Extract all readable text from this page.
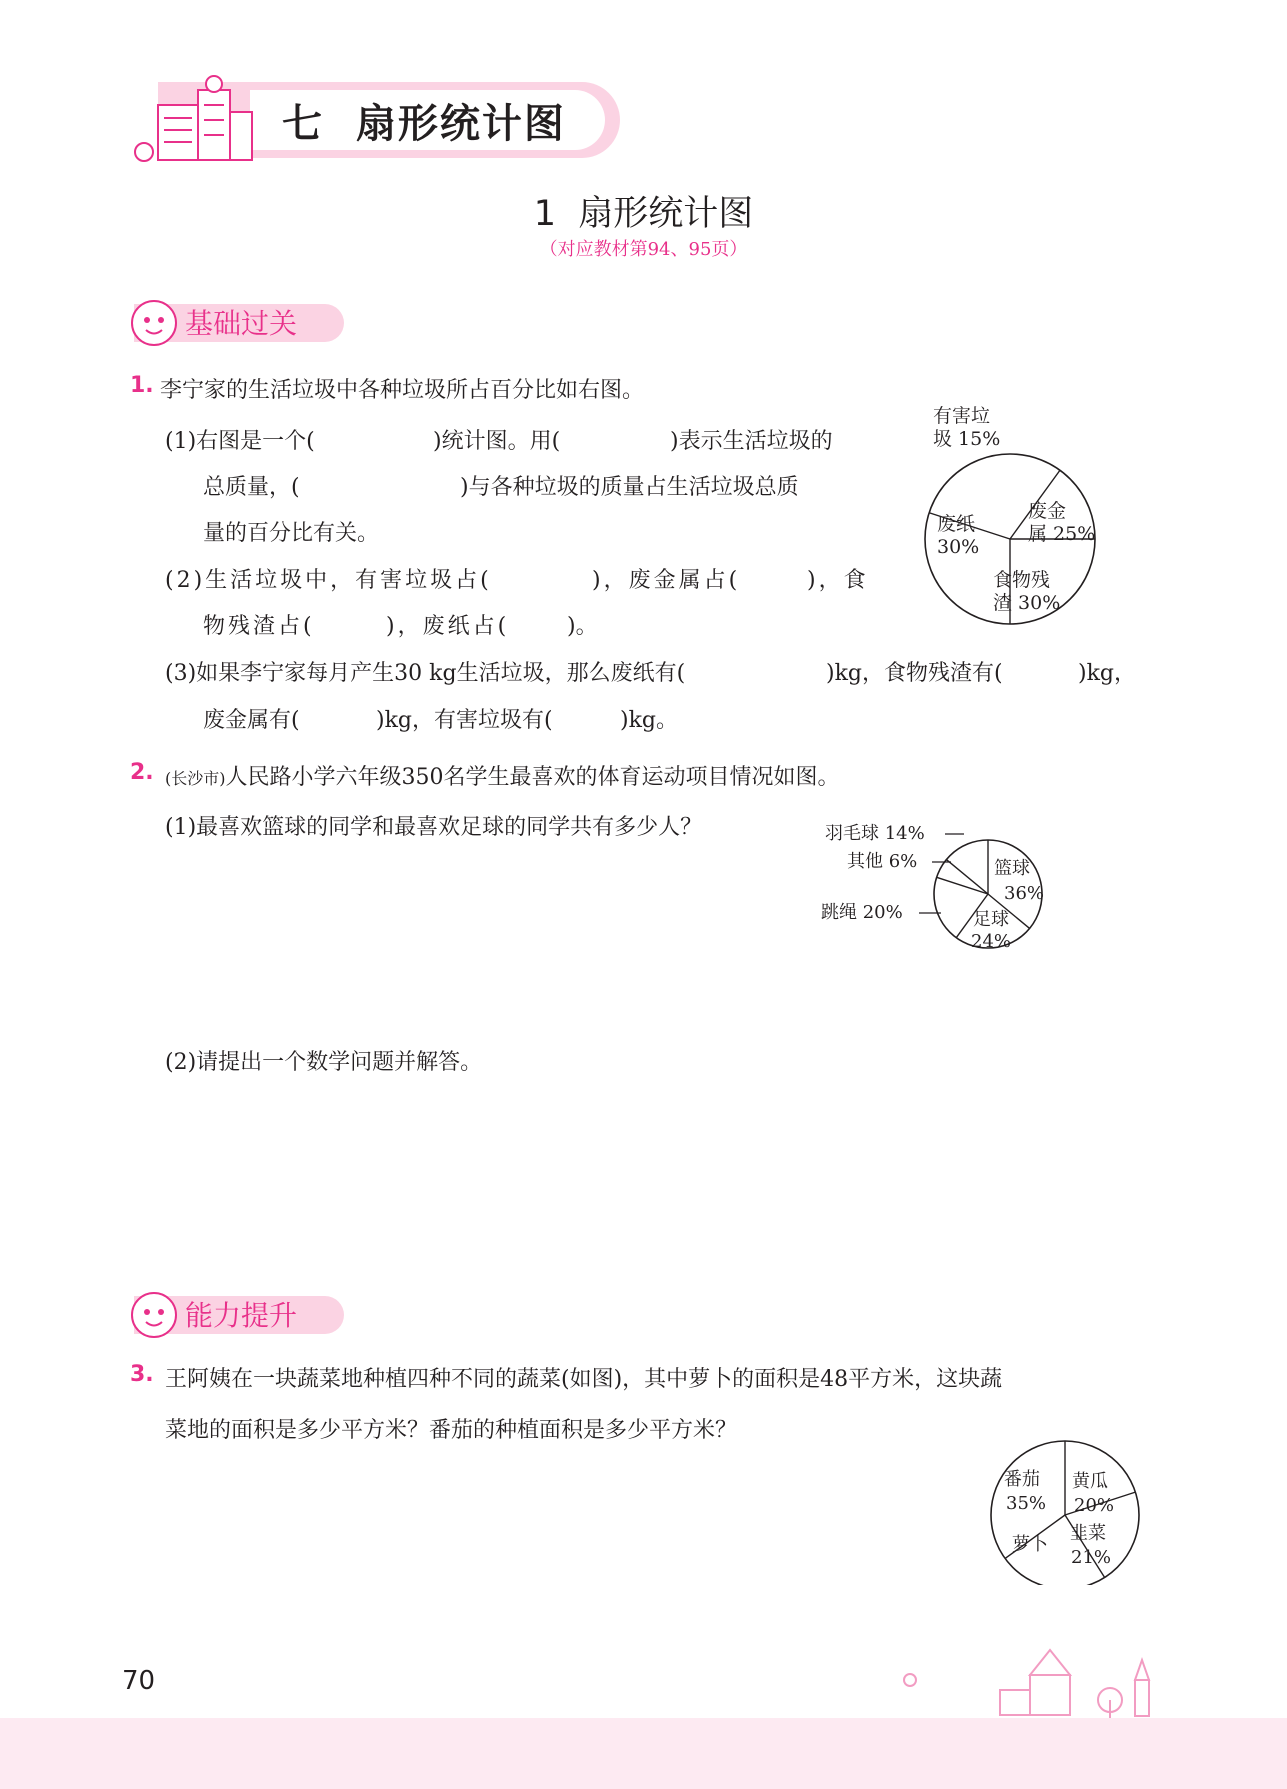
七 扇形统计图
1  扇形统计图
（对应教材第94、95页）
基础过关
1. 李宁家的生活垃圾中各种垃圾所占百分比如右图。
(1)右图是一个(	)统计图。用(	)表示生活垃圾的
总质量，(	)与各种垃圾的质量占生活垃圾总质
量的百分比有关。
(2)生活垃圾中，有害垃圾占(	)，废金属占(	)，食
物残渣占(	)，废纸占(	)。
(3)如果李宁家每月产生30 kg生活垃圾，那么废纸有(	)kg，食物残渣有(	)kg，
废金属有(	)kg，有害垃圾有(	)kg。
有害垃
圾 15%
废金
属 25%
废纸
30%
食物残
渣 30%
2. (长沙市)人民路小学六年级350名学生最喜欢的体育运动项目情况如图。
(1)最喜欢篮球的同学和最喜欢足球的同学共有多少人？
(2)请提出一个数学问题并解答。
羽毛球 14%
其他 6%
跳绳 20%
篮球
36%
足球
24%
能力提升
3. 王阿姨在一块蔬菜地种植四种不同的蔬菜(如图)，其中萝卜的面积是48平方米，这块蔬
菜地的面积是多少平方米？番茄的种植面积是多少平方米？
番茄
35%
黄瓜
20%
韭菜
21%
萝卜
70
